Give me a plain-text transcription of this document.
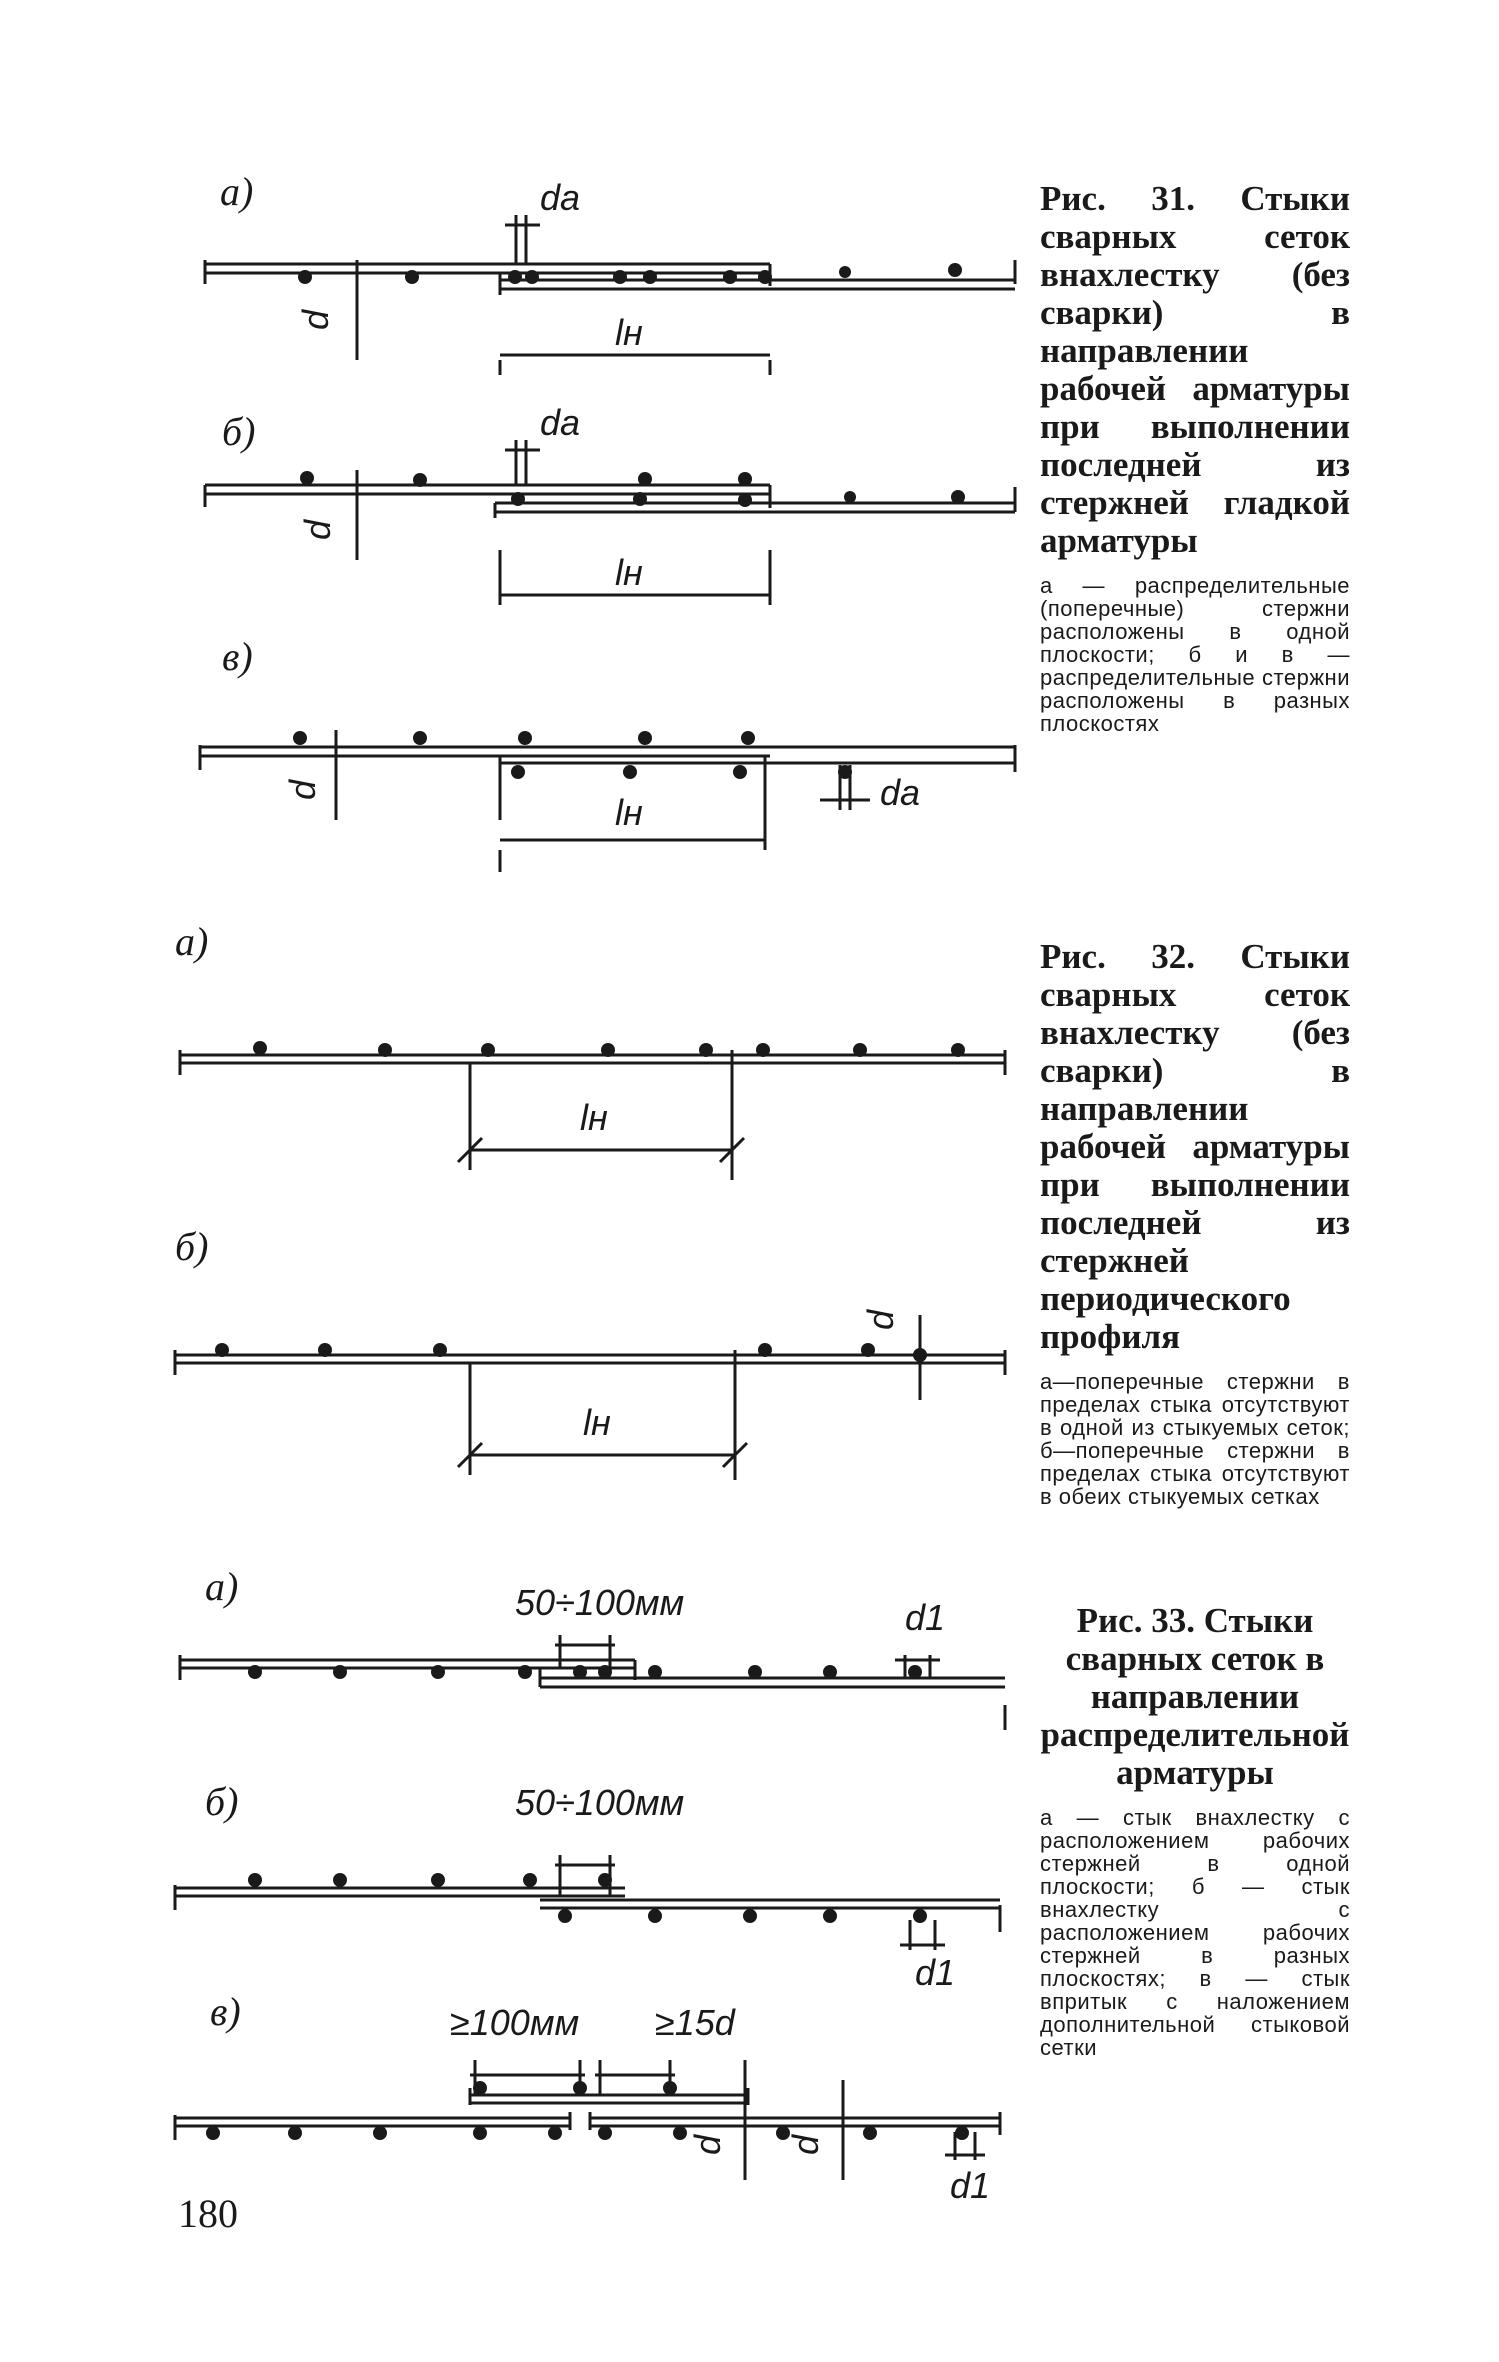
а)	da
d	lн
б)	da
d
lн
в)
d
lн	da

Рис. 31. Стыки сварных сеток внахлестку (без сварки) в направлении рабочей арматуры при выполнении последней из стержней гладкой арматуры

а — распределительные (поперечные) стержни расположены в одной плоскости; б и в — распределительные стержни расположены в разных плоскостях

а)
lн
б)
d
lн

Рис. 32. Стыки сварных сеток внахлестку (без сварки) в направлении рабочей арматуры при выполнении последней из стержней периодического профиля

а—поперечные стержни в пределах стыка отсутствуют в одной из стыкуемых сеток; б—поперечные стержни в пределах стыка отсутствуют в обеих стыкуемых сетках

а)	50÷100мм	d1
б)	50÷100мм
d1
в)	≥100мм ≥15d
d d
d1

Рис. 33. Стыки сварных сеток в направлении распределительной арматуры

а — стык внахлестку с расположением рабочих стержней в одной плоскости; б — стык внахлестку с расположением рабочих стержней в разных плоскостях; в — стык впритык с наложением дополнительной стыковой сетки

180
